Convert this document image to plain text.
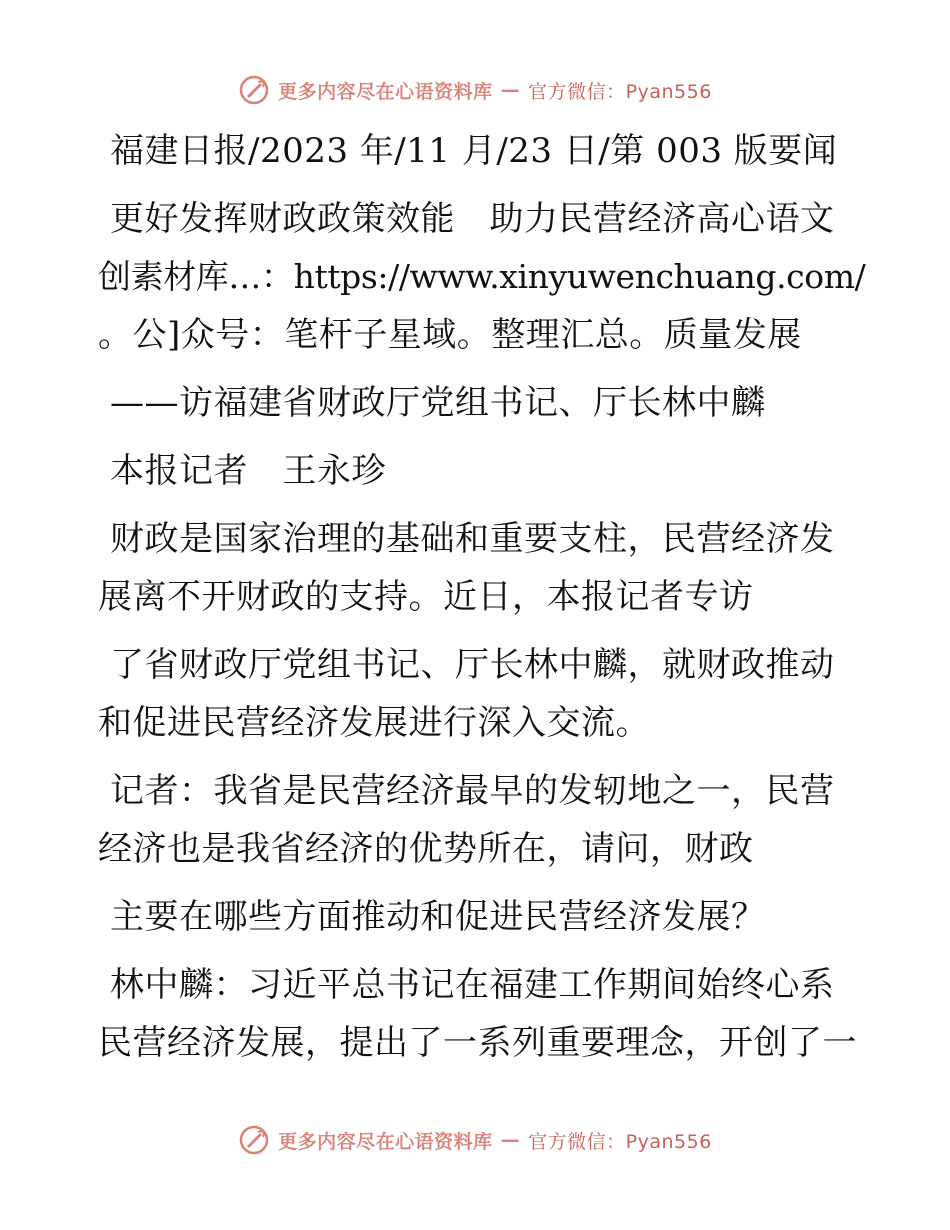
更多内容尽在心语资料库 — 官方微信：Pyan556
福建日报/2023 年/11 月/23 日/第 003 版要闻
更好发挥财政政策效能　助力民营经济高心语文
创素材库…：https://www.xinyuwenchuang.com/
。公]众号：笔杆子星域。整理汇总。质量发展
——访福建省财政厅党组书记、厅长林中麟
本报记者　王永珍
财政是国家治理的基础和重要支柱，民营经济发
展离不开财政的支持。近日，本报记者专访
了省财政厅党组书记、厅长林中麟，就财政推动
和促进民营经济发展进行深入交流。
记者：我省是民营经济最早的发轫地之一，民营
经济也是我省经济的优势所在，请问，财政
主要在哪些方面推动和促进民营经济发展？
林中麟：习近平总书记在福建工作期间始终心系
民营经济发展，提出了一系列重要理念，开创了一
更多内容尽在心语资料库 — 官方微信：Pyan556
